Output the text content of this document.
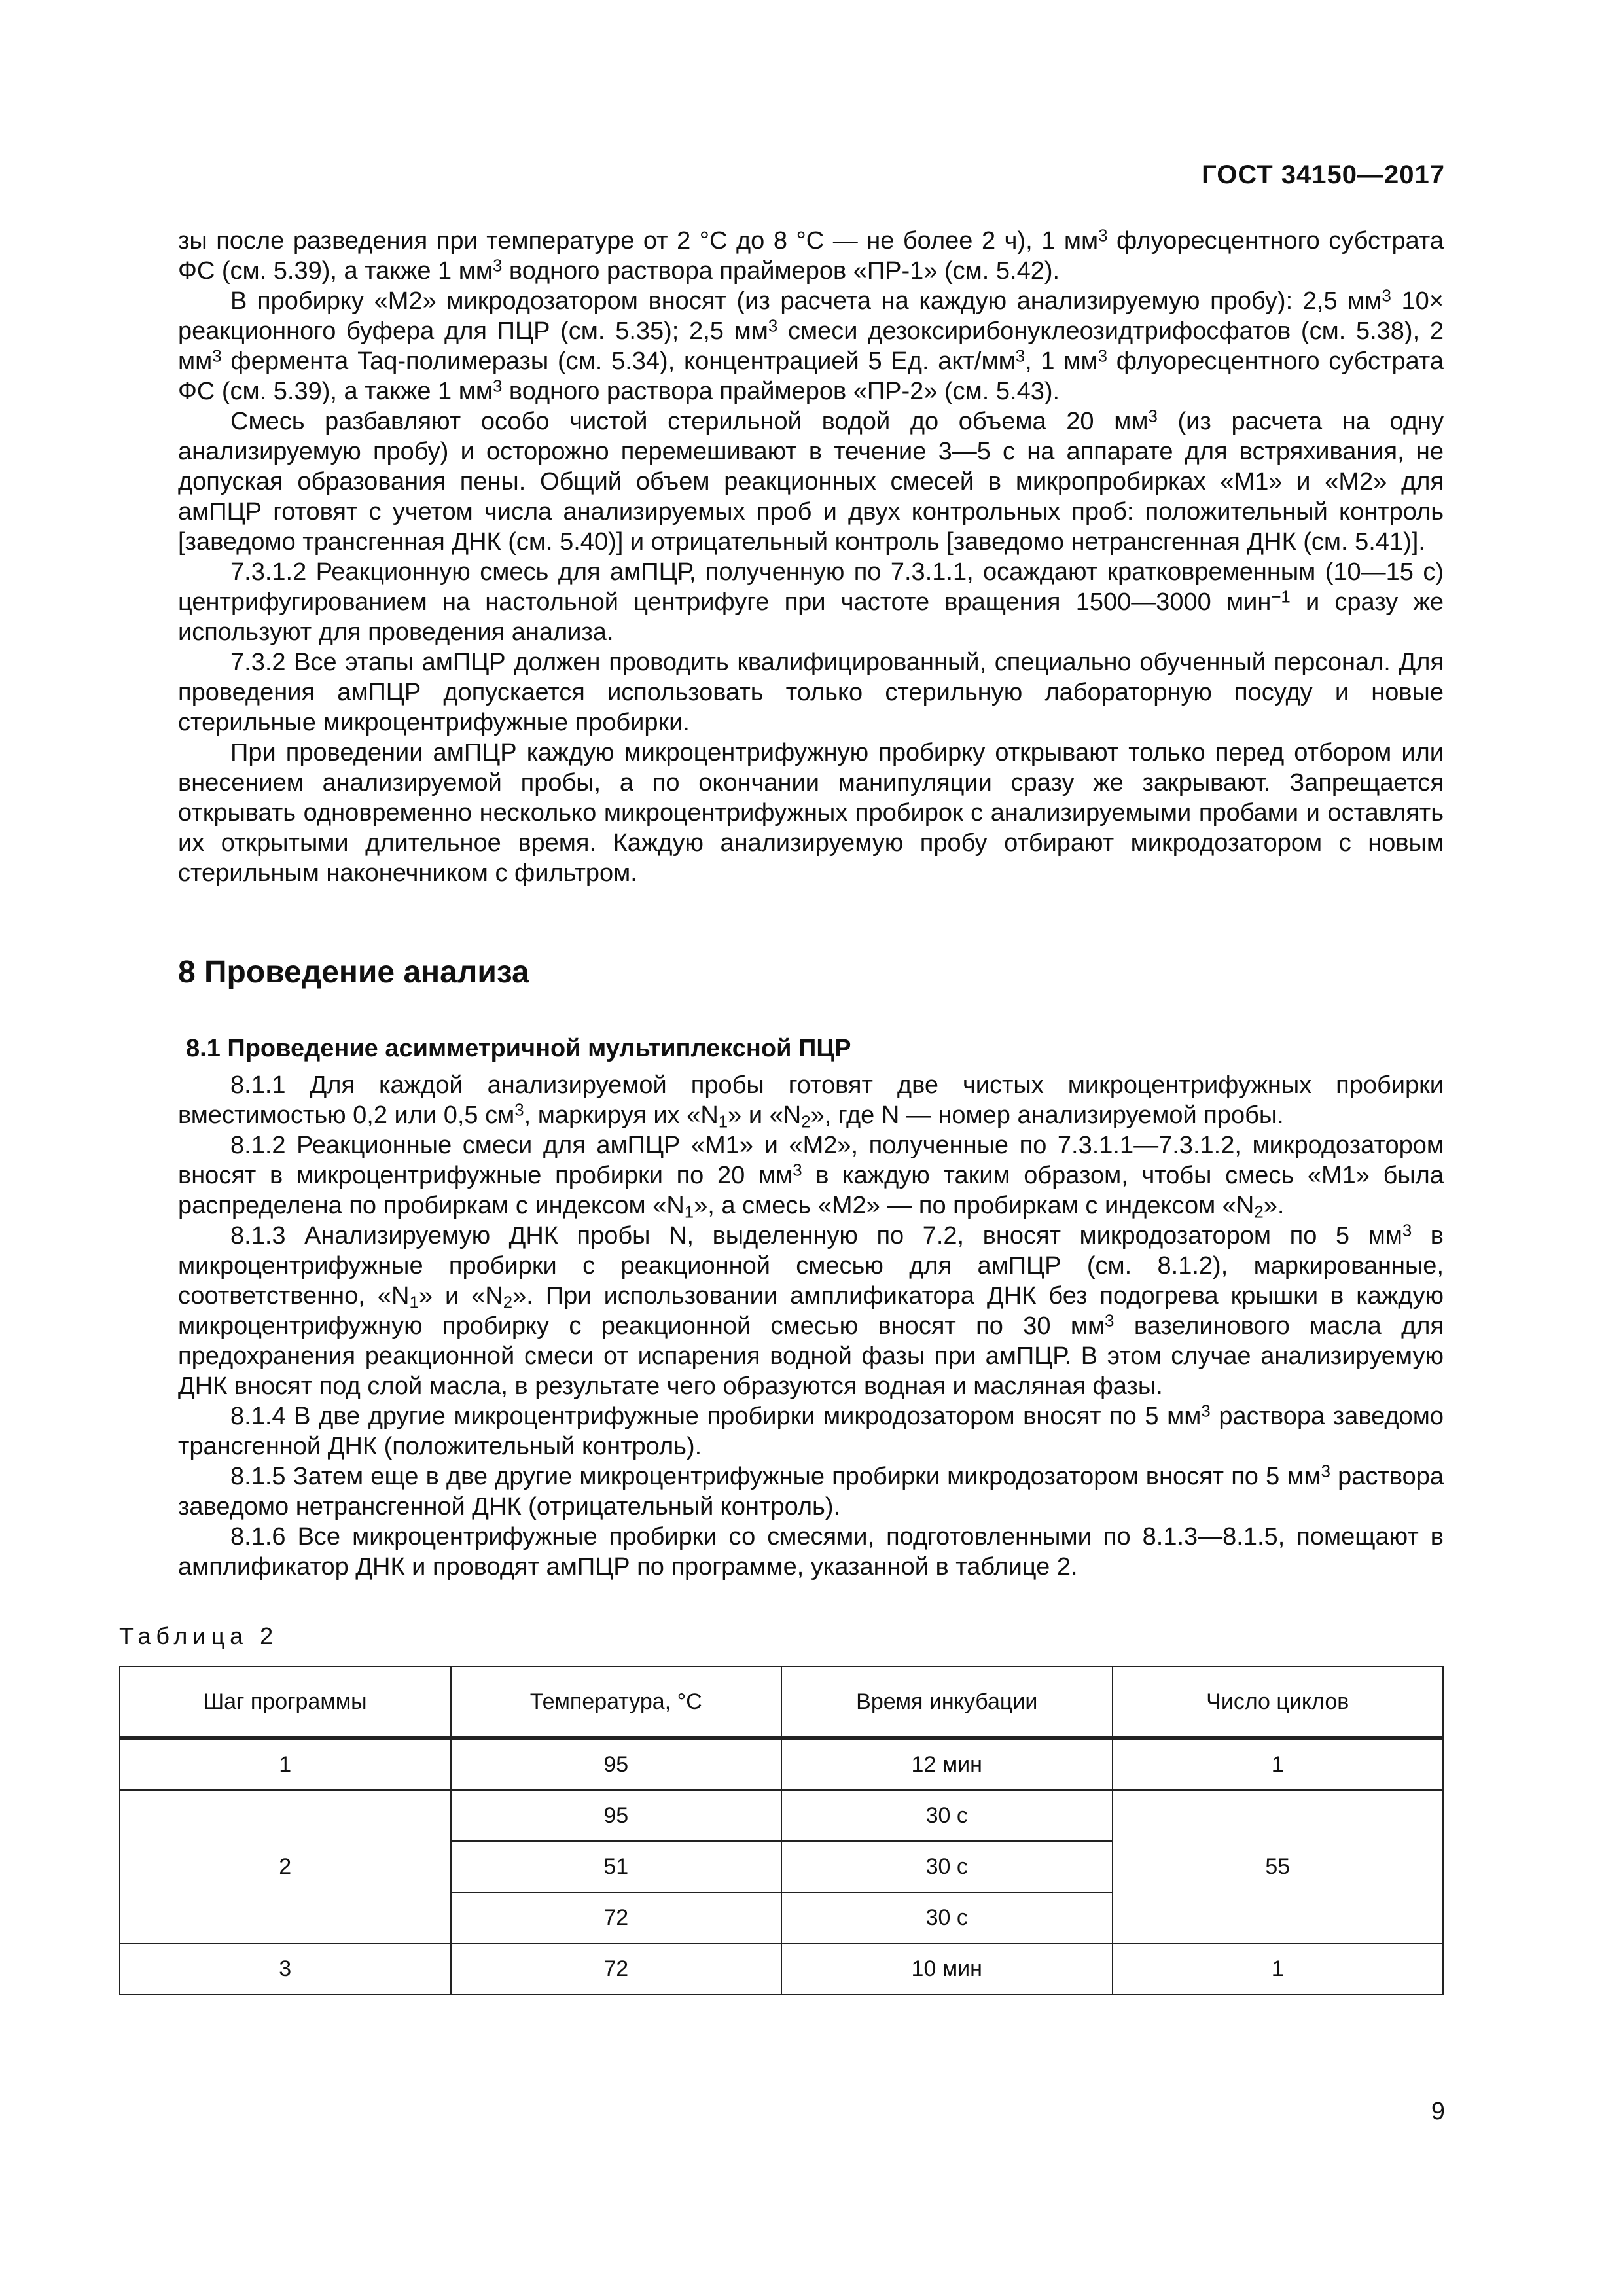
ГОСТ 34150—2017

зы после разведения при температуре от 2 °C до 8 °C — не более 2 ч), 1 $мм^3$ флуоресцентного субстрата ФС (см. 5.39), а также 1 $мм^3$ водного раствора праймеров «ПР-1» (см. 5.42).

В пробирку «М2» микродозатором вносят (из расчета на каждую анализируемую пробу): 2,5 $мм^3$ 10× реакционного буфера для ПЦР (см. 5.35); 2,5 $мм^3$ смеси дезоксирибонуклеозидтрифосфатов (см. 5.38), 2 $мм^3$ фермента Taq-полимеразы (см. 5.34), концентрацией 5 Ед. акт/$мм^3$, 1 $мм^3$ флуоресцентного субстрата ФС (см. 5.39), а также 1 $мм^3$ водного раствора праймеров «ПР-2» (см. 5.43).

Смесь разбавляют особо чистой стерильной водой до объема 20 $мм^3$ (из расчета на одну анализируемую пробу) и осторожно перемешивают в течение 3—5 с на аппарате для встряхивания, не допуская образования пены. Общий объем реакционных смесей в микропробирках «М1» и «М2» для амПЦР готовят с учетом числа анализируемых проб и двух контрольных проб: положительный контроль [заведомо трансгенная ДНК (см. 5.40)] и отрицательный контроль [заведомо нетрансгенная ДНК (см. 5.41)].

7.3.1.2 Реакционную смесь для амПЦР, полученную по 7.3.1.1, осаждают кратковременным (10—15 с) центрифугированием на настольной центрифуге при частоте вращения 1500—3000 мин$^{-1}$ и сразу же используют для проведения анализа.

7.3.2 Все этапы амПЦР должен проводить квалифицированный, специально обученный персонал. Для проведения амПЦР допускается использовать только стерильную лабораторную посуду и новые стерильные микроцентрифужные пробирки.

При проведении амПЦР каждую микроцентрифужную пробирку открывают только перед отбором или внесением анализируемой пробы, а по окончании манипуляции сразу же закрывают. Запрещается открывать одновременно несколько микроцентрифужных пробирок с анализируемыми пробами и оставлять их открытыми длительное время. Каждую анализируемую пробу отбирают микродозатором с новым стерильным наконечником с фильтром.

8 Проведение анализа
8.1 Проведение асимметричной мультиплексной ПЦР

8.1.1 Для каждой анализируемой пробы готовят две чистых микроцентрифужных пробирки вместимостью 0,2 или 0,5 $см^3$, маркируя их «$N_1$» и «$N_2$», где N — номер анализируемой пробы.

8.1.2 Реакционные смеси для амПЦР «М1» и «М2», полученные по 7.3.1.1—7.3.1.2, микродозатором вносят в микроцентрифужные пробирки по 20 $мм^3$ в каждую таким образом, чтобы смесь «М1» была распределена по пробиркам с индексом «$N_1$», а смесь «М2» — по пробиркам с индексом «$N_2$».

8.1.3 Анализируемую ДНК пробы N, выделенную по 7.2, вносят микродозатором по 5 $мм^3$ в микроцентрифужные пробирки с реакционной смесью для амПЦР (см. 8.1.2), маркированные, соответственно, «$N_1$» и «$N_2$». При использовании амплификатора ДНК без подогрева крышки в каждую микроцентрифужную пробирку с реакционной смесью вносят по 30 $мм^3$ вазелинового масла для предохранения реакционной смеси от испарения водной фазы при амПЦР. В этом случае анализируемую ДНК вносят под слой масла, в результате чего образуются водная и масляная фазы.

8.1.4 В две другие микроцентрифужные пробирки микродозатором вносят по 5 $мм^3$ раствора заведомо трансгенной ДНК (положительный контроль).

8.1.5 Затем еще в две другие микроцентрифужные пробирки микродозатором вносят по 5 $мм^3$ раствора заведомо нетрансгенной ДНК (отрицательный контроль).

8.1.6 Все микроцентрифужные пробирки со смесями, подготовленными по 8.1.3—8.1.5, помещают в амплификатор ДНК и проводят амПЦР по программе, указанной в таблице 2.

Таблица 2
Шаг программы	Температура, °C	Время инкубации	Число циклов
1	95	12 мин	1
2	95	30 с	55
	51	30 с	
	72	30 с	
3	72	10 мин	1
9
